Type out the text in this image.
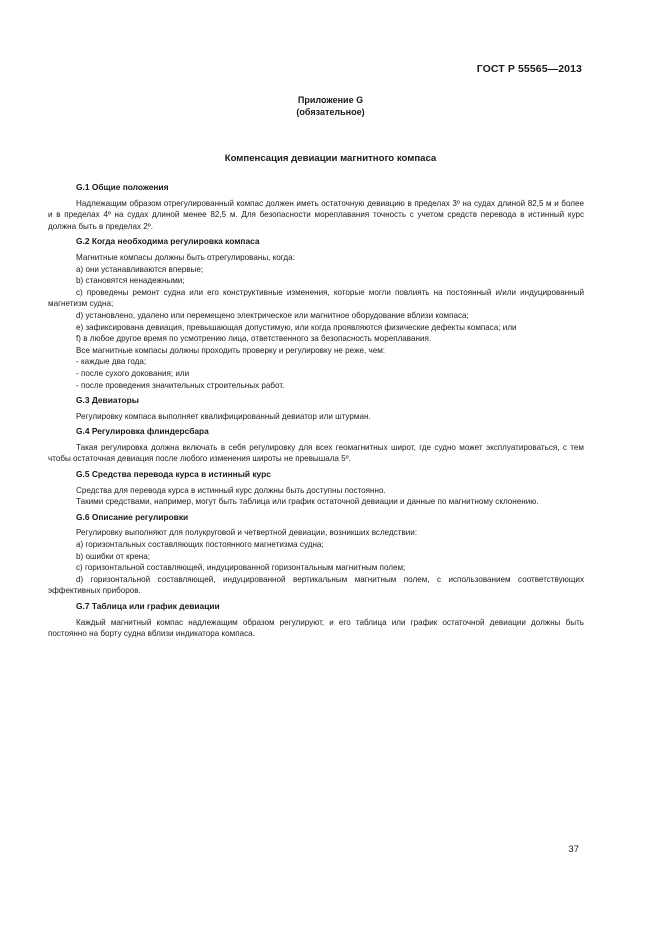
ГОСТ Р 55565—2013
Приложение G
(обязательное)
Компенсация девиации магнитного компаса
G.1 Общие положения

Надлежащим образом отрегулированный компас должен иметь остаточную девиацию в пределах 3º на судах длиной 82,5 м и более и в пределах 4º на судах длиной менее 82,5 м. Для безопасности мореплавания точность с учетом средств перевода в истинный курс должна быть в пределах 2º.

G.2 Когда необходима регулировка компаса

Магнитные компасы должны быть отрегулированы, когда:

а) они устанавливаются впервые;

b) становятся ненадежными;

c) проведены ремонт судна или его конструктивные изменения, которые могли повлиять на постоянный и/или индуцированный магнетизм судна;

d) установлено, удалено или перемещено электрическое или магнитное оборудование вблизи компаса;

e) зафиксирована девиация, превышающая допустимую, или когда проявляются физические дефекты компаса; или

f) в любое другое время по усмотрению лица, ответственного за безопасность мореплавания.

Все магнитные компасы должны проходить проверку и регулировку не реже, чем:

- каждые два года;

- после сухого докования; или

- после проведения значительных строительных работ.

G.3 Девиаторы

Регулировку компаса выполняет квалифицированный девиатор или штурман.

G.4 Регулировка флиндерсбара

Такая регулировка должна включать в себя регулировку для всех геомагнитных широт, где судно может эксплуатироваться, с тем чтобы остаточная девиация после любого изменения широты не превышала 5º.

G.5 Средства перевода курса в истинный курс

Средства для перевода курса в истинный курс должны быть доступны постоянно.

Такими средствами, например, могут быть таблица или график остаточной девиации и данные по магнитному склонению.

G.6 Описание регулировки

Регулировку выполняют для полукруговой и четвертной девиации, возникших вследствии:

а) горизонтальных составляющих постоянного магнетизма судна;

b) ошибки от крена;

c) горизонтальной составляющей, индуцированной горизонтальным магнитным полем;

d) горизонтальной составляющей, индуцированной вертикальным магнитным полем, с использованием соответствующих эффективных приборов.

G.7 Таблица или график девиации

Каждый магнитный компас надлежащим образом регулируют, и его таблица или график остаточной девиации должны быть постоянно на борту судна вблизи индикатора компаса.

37
